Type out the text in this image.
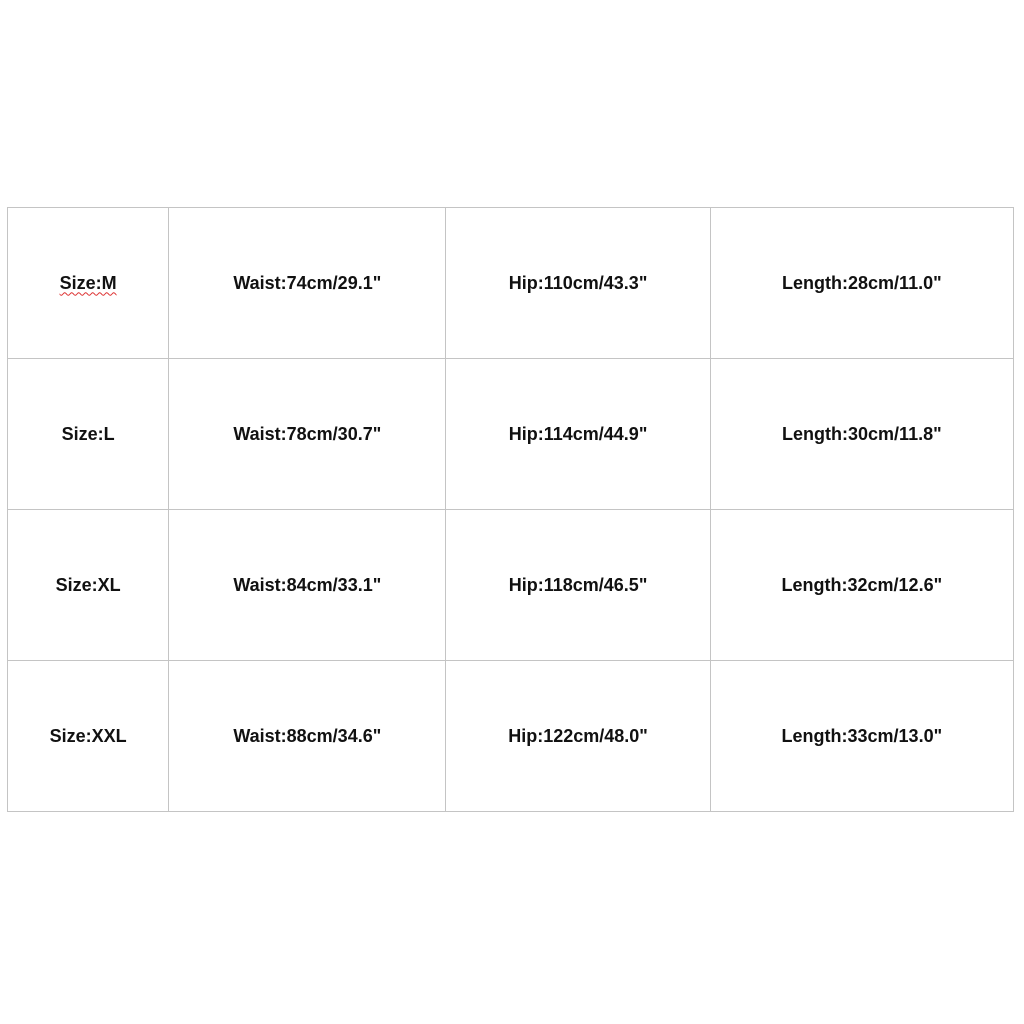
Size:M	Waist:74cm/29.1"	Hip:110cm/43.3"	Length:28cm/11.0"
Size:L	Waist:78cm/30.7"	Hip:114cm/44.9"	Length:30cm/11.8"
Size:XL	Waist:84cm/33.1"	Hip:118cm/46.5"	Length:32cm/12.6"
Size:XXL	Waist:88cm/34.6"	Hip:122cm/48.0"	Length:33cm/13.0"
